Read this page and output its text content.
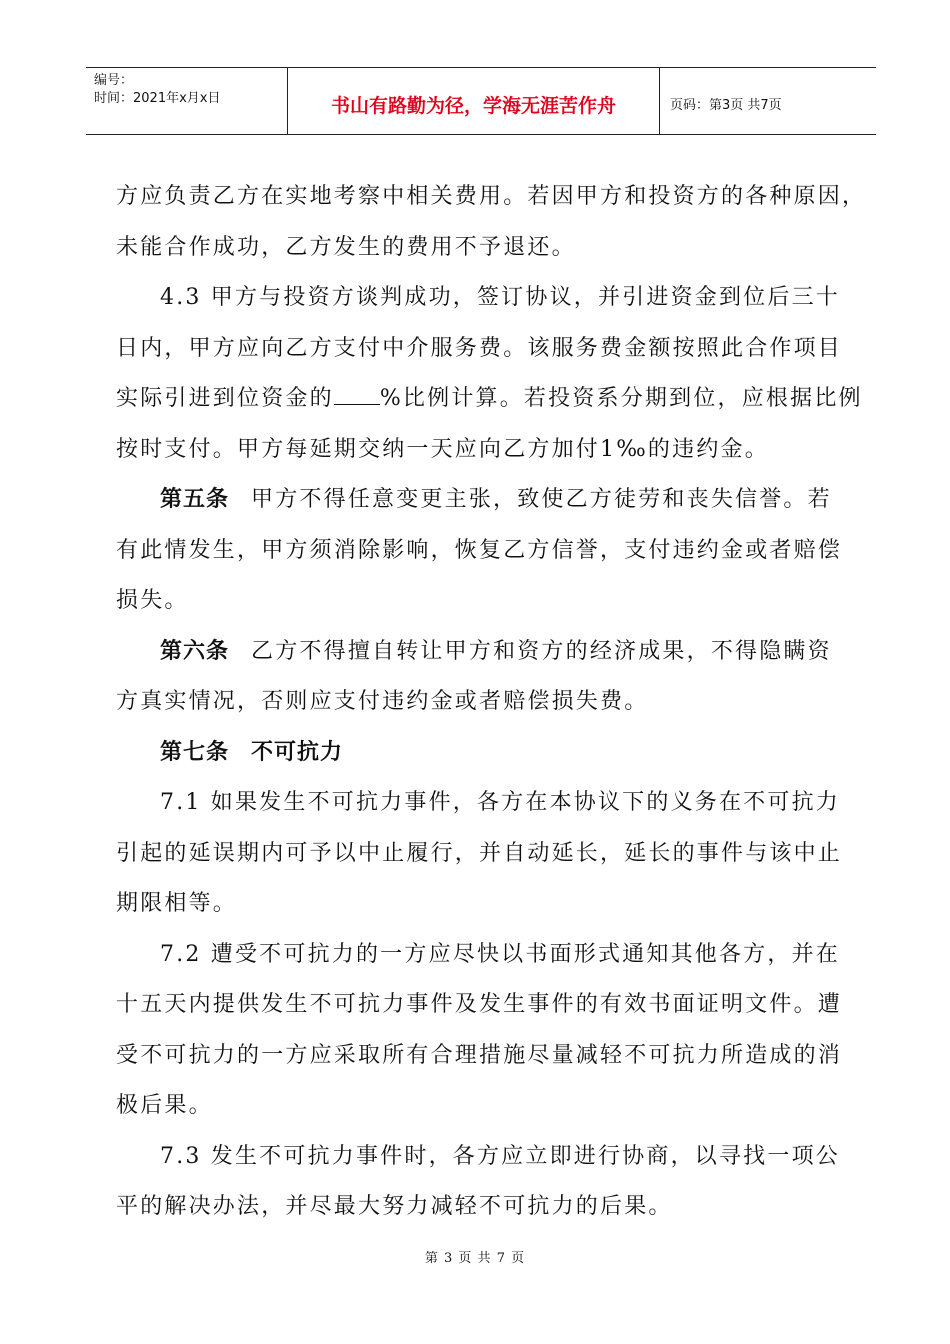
编号：
时间：2021年x月x日	书山有路勤为径，学海无涯苦作舟	页码：第3页 共7页

方应负责乙方在实地考察中相关费用。若因甲方和投资方的各种原因，

未能合作成功，乙方发生的费用不予退还。

4.3 甲方与投资方谈判成功，签订协议，并引进资金到位后三十

日内，甲方应向乙方支付中介服务费。该服务费金额按照此合作项目

实际引进到位资金的 %比例计算。若投资系分期到位，应根据比例

按时支付。甲方每延期交纳一天应向乙方加付1‰的违约金。

第五条 甲方不得任意变更主张，致使乙方徒劳和丧失信誉。若

有此情发生，甲方须消除影响，恢复乙方信誉，支付违约金或者赔偿

损失。

第六条 乙方不得擅自转让甲方和资方的经济成果，不得隐瞒资

方真实情况，否则应支付违约金或者赔偿损失费。

第七条 不可抗力

7.1 如果发生不可抗力事件，各方在本协议下的义务在不可抗力

引起的延误期内可予以中止履行，并自动延长，延长的事件与该中止

期限相等。

7.2 遭受不可抗力的一方应尽快以书面形式通知其他各方，并在

十五天内提供发生不可抗力事件及发生事件的有效书面证明文件。遭

受不可抗力的一方应采取所有合理措施尽量减轻不可抗力所造成的消

极后果。

7.3 发生不可抗力事件时，各方应立即进行协商，以寻找一项公

平的解决办法，并尽最大努力减轻不可抗力的后果。

第 3 页 共 7 页
